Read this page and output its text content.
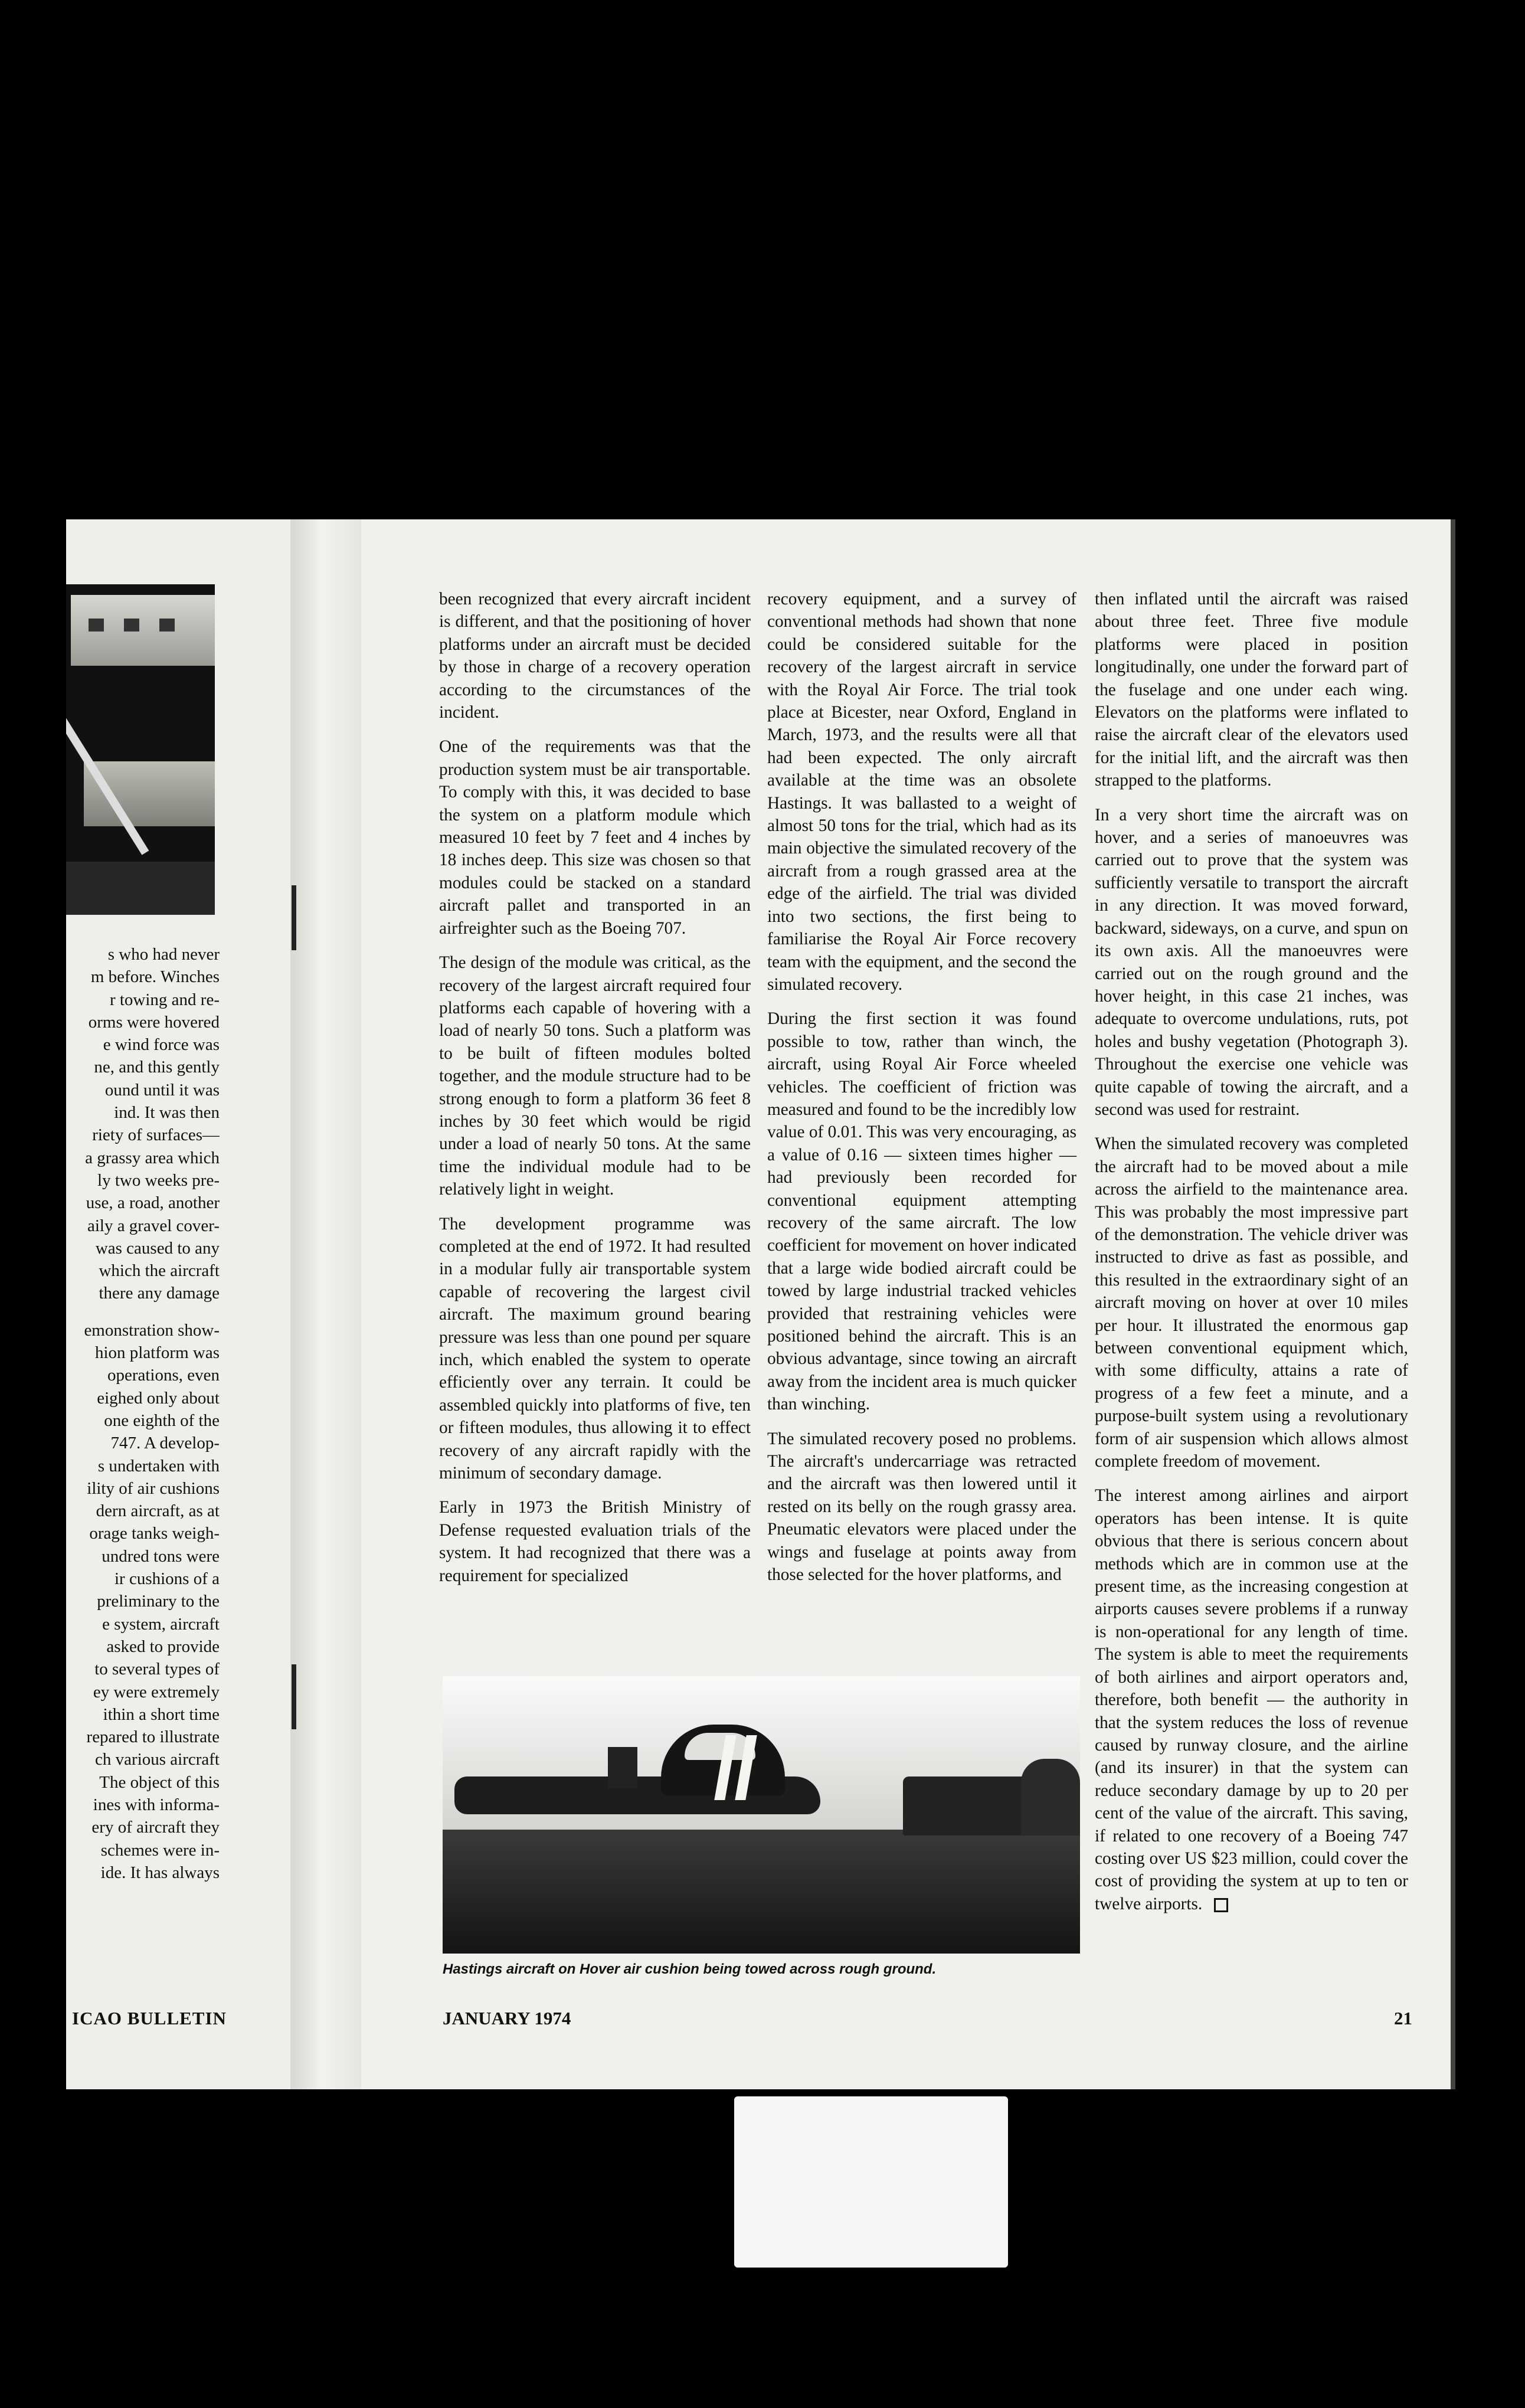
s who had never
m before. Winches
r towing and re-
orms were hovered
e wind force was
ne, and this gently
ound until it was
ind. It was then
riety of surfaces—
a grassy area which
ly two weeks pre-
use, a road, another
aily a gravel cover-
was caused to any
which the aircraft
there any damage
emonstration show-
hion platform was
operations, even
eighed only about
one eighth of the
747. A develop-
s undertaken with
ility of air cushions
dern aircraft, as at
orage tanks weigh-
undred tons were
ir cushions of a
preliminary to the
e system, aircraft
asked to provide
to several types of
ey were extremely
ithin a short time
repared to illustrate
ch various aircraft
The object of this
ines with informa-
ery of aircraft they
schemes were in-
ide. It has always
ICAO BULLETIN

been recognized that every aircraft incident is different, and that the positioning of hover platforms under an aircraft must be decided by those in charge of a recovery operation according to the circumstances of the incident.

One of the requirements was that the production system must be air transportable. To comply with this, it was decided to base the system on a platform module which measured 10 feet by 7 feet and 4 inches by 18 inches deep. This size was chosen so that modules could be stacked on a standard aircraft pallet and transported in an airfreighter such as the Boeing 707.

The design of the module was critical, as the recovery of the largest aircraft required four platforms each capable of hovering with a load of nearly 50 tons. Such a platform was to be built of fifteen modules bolted together, and the module structure had to be strong enough to form a platform 36 feet 8 inches by 30 feet which would be rigid under a load of nearly 50 tons. At the same time the individual module had to be relatively light in weight.

The development programme was completed at the end of 1972. It had resulted in a modular fully air transportable system capable of recovering the largest civil aircraft. The maximum ground bearing pressure was less than one pound per square inch, which enabled the system to operate efficiently over any terrain. It could be assembled quickly into platforms of five, ten or fifteen modules, thus allowing it to effect recovery of any aircraft rapidly with the minimum of secondary damage.

Early in 1973 the British Ministry of Defense requested evaluation trials of the system. It had recognized that there was a requirement for specialized

recovery equipment, and a survey of conventional methods had shown that none could be considered suitable for the recovery of the largest aircraft in service with the Royal Air Force. The trial took place at Bicester, near Oxford, England in March, 1973, and the results were all that had been expected. The only aircraft available at the time was an obsolete Hastings. It was ballasted to a weight of almost 50 tons for the trial, which had as its main objective the simulated recovery of the aircraft from a rough grassed area at the edge of the airfield. The trial was divided into two sections, the first being to familiarise the Royal Air Force recovery team with the equipment, and the second the simulated recovery.

During the first section it was found possible to tow, rather than winch, the aircraft, using Royal Air Force wheeled vehicles. The coefficient of friction was measured and found to be the incredibly low value of 0.01. This was very encouraging, as a value of 0.16 — sixteen times higher — had previously been recorded for conventional equipment attempting recovery of the same aircraft. The low coefficient for movement on hover indicated that a large wide bodied aircraft could be towed by large industrial tracked vehicles provided that restraining vehicles were positioned behind the aircraft. This is an obvious advantage, since towing an aircraft away from the incident area is much quicker than winching.

The simulated recovery posed no problems. The aircraft's undercarriage was retracted and the aircraft was then lowered until it rested on its belly on the rough grassy area. Pneumatic elevators were placed under the wings and fuselage at points away from those selected for the hover platforms, and

then inflated until the aircraft was raised about three feet. Three five module platforms were placed in position longitudinally, one under the forward part of the fuselage and one under each wing. Elevators on the platforms were inflated to raise the aircraft clear of the elevators used for the initial lift, and the aircraft was then strapped to the platforms.

In a very short time the aircraft was on hover, and a series of manoeuvres was carried out to prove that the system was sufficiently versatile to transport the aircraft in any direction. It was moved forward, backward, sideways, on a curve, and spun on its own axis. All the manoeuvres were carried out on the rough ground and the hover height, in this case 21 inches, was adequate to overcome undulations, ruts, pot holes and bushy vegetation (Photograph 3). Throughout the exercise one vehicle was quite capable of towing the aircraft, and a second was used for restraint.

When the simulated recovery was completed the aircraft had to be moved about a mile across the airfield to the maintenance area. This was probably the most impressive part of the demonstration. The vehicle driver was instructed to drive as fast as possible, and this resulted in the extraordinary sight of an aircraft moving on hover at over 10 miles per hour. It illustrated the enormous gap between conventional equipment which, with some difficulty, attains a rate of progress of a few feet a minute, and a purpose-built system using a revolutionary form of air suspension which allows almost complete freedom of movement.

The interest among airlines and airport operators has been intense. It is quite obvious that there is serious concern about methods which are in common use at the present time, as the increasing congestion at airports causes severe problems if a runway is non-operational for any length of time. The system is able to meet the requirements of both airlines and airport operators and, therefore, both benefit — the authority in that the system reduces the loss of revenue caused by runway closure, and the airline (and its insurer) in that the system can reduce secondary damage by up to 20 per cent of the value of the aircraft. This saving, if related to one recovery of a Boeing 747 costing over US $23 million, could cover the cost of providing the system at up to ten or twelve airports.

Hastings aircraft on Hover air cushion being towed across rough ground.
JANUARY 1974	21
